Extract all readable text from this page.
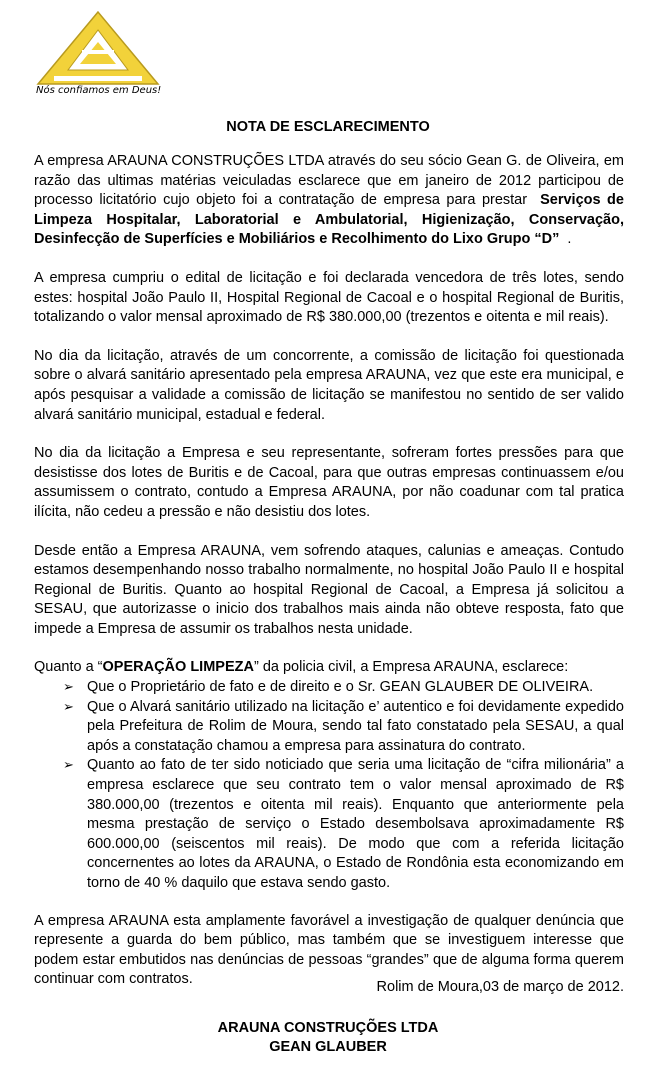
Nós confiamos em Deus!
NOTA DE ESCLARECIMENTO

A empresa ARAUNA CONSTRUÇÕES LTDA através do seu sócio Gean G. de Oliveira, em razão das ultimas matérias veiculadas esclarece que em janeiro de 2012 participou de processo licitatório cujo objeto foi a contratação de empresa para prestar Serviços de Limpeza Hospitalar, Laboratorial e Ambulatorial, Higienização, Conservação, Desinfecção de Superfícies e Mobiliários e Recolhimento do Lixo Grupo “D” .

A empresa cumpriu o edital de licitação e foi declarada vencedora de três lotes, sendo estes: hospital João Paulo II, Hospital Regional de Cacoal e o hospital Regional de Buritis, totalizando o valor mensal aproximado de R$ 380.000,00 (trezentos e oitenta e mil reais).

No dia da licitação, através de um concorrente, a comissão de licitação foi questionada sobre o alvará sanitário apresentado pela empresa ARAUNA, vez que este era municipal, e após pesquisar a validade a comissão de licitação se manifestou no sentido de ser valido alvará sanitário municipal, estadual e federal.

No dia da licitação a Empresa e seu representante, sofreram fortes pressões para que desistisse dos lotes de Buritis e de Cacoal, para que outras empresas continuassem e/ou assumissem o contrato, contudo a Empresa ARAUNA, por não coadunar com tal pratica ilícita, não cedeu a pressão e não desistiu dos lotes.

Desde então a Empresa ARAUNA, vem sofrendo ataques, calunias e ameaças. Contudo estamos desempenhando nosso trabalho normalmente, no hospital João Paulo II e hospital Regional de Buritis. Quanto ao hospital Regional de Cacoal, a Empresa já solicitou a SESAU, que autorizasse o inicio dos trabalhos mais ainda não obteve resposta, fato que impede a Empresa de assumir os trabalhos nesta unidade.

Quanto a “OPERAÇÃO LIMPEZA” da policia civil, a Empresa ARAUNA, esclarece:
➢ Que o Proprietário de fato e de direito e o Sr. GEAN GLAUBER DE OLIVEIRA.
➢ Que o Alvará sanitário utilizado na licitação e’ autentico e foi devidamente expedido pela Prefeitura de Rolim de Moura, sendo tal fato constatado pela SESAU, a qual após a constatação chamou a empresa para assinatura do contrato.
➢ Quanto ao fato de ter sido noticiado que seria uma licitação de “cifra milionária” a empresa esclarece que seu contrato tem o valor mensal aproximado de R$ 380.000,00 (trezentos e oitenta mil reais). Enquanto que anteriormente pela mesma prestação de serviço o Estado desembolsava aproximadamente R$ 600.000,00 (seiscentos mil reais). De modo que com a referida licitação concernentes ao lotes da ARAUNA, o Estado de Rondônia esta economizando em torno de 40 % daquilo que estava sendo gasto.

A empresa ARAUNA esta amplamente favorável a investigação de qualquer denúncia que represente a guarda do bem público, mas também que se investiguem interesse que podem estar embutidos nas denúncias de pessoas “grandes” que de alguma forma querem continuar com contratos.	Rolim de Moura,03 de março de 2012.
ARAUNA CONSTRUÇÕES LTDA
GEAN GLAUBER
